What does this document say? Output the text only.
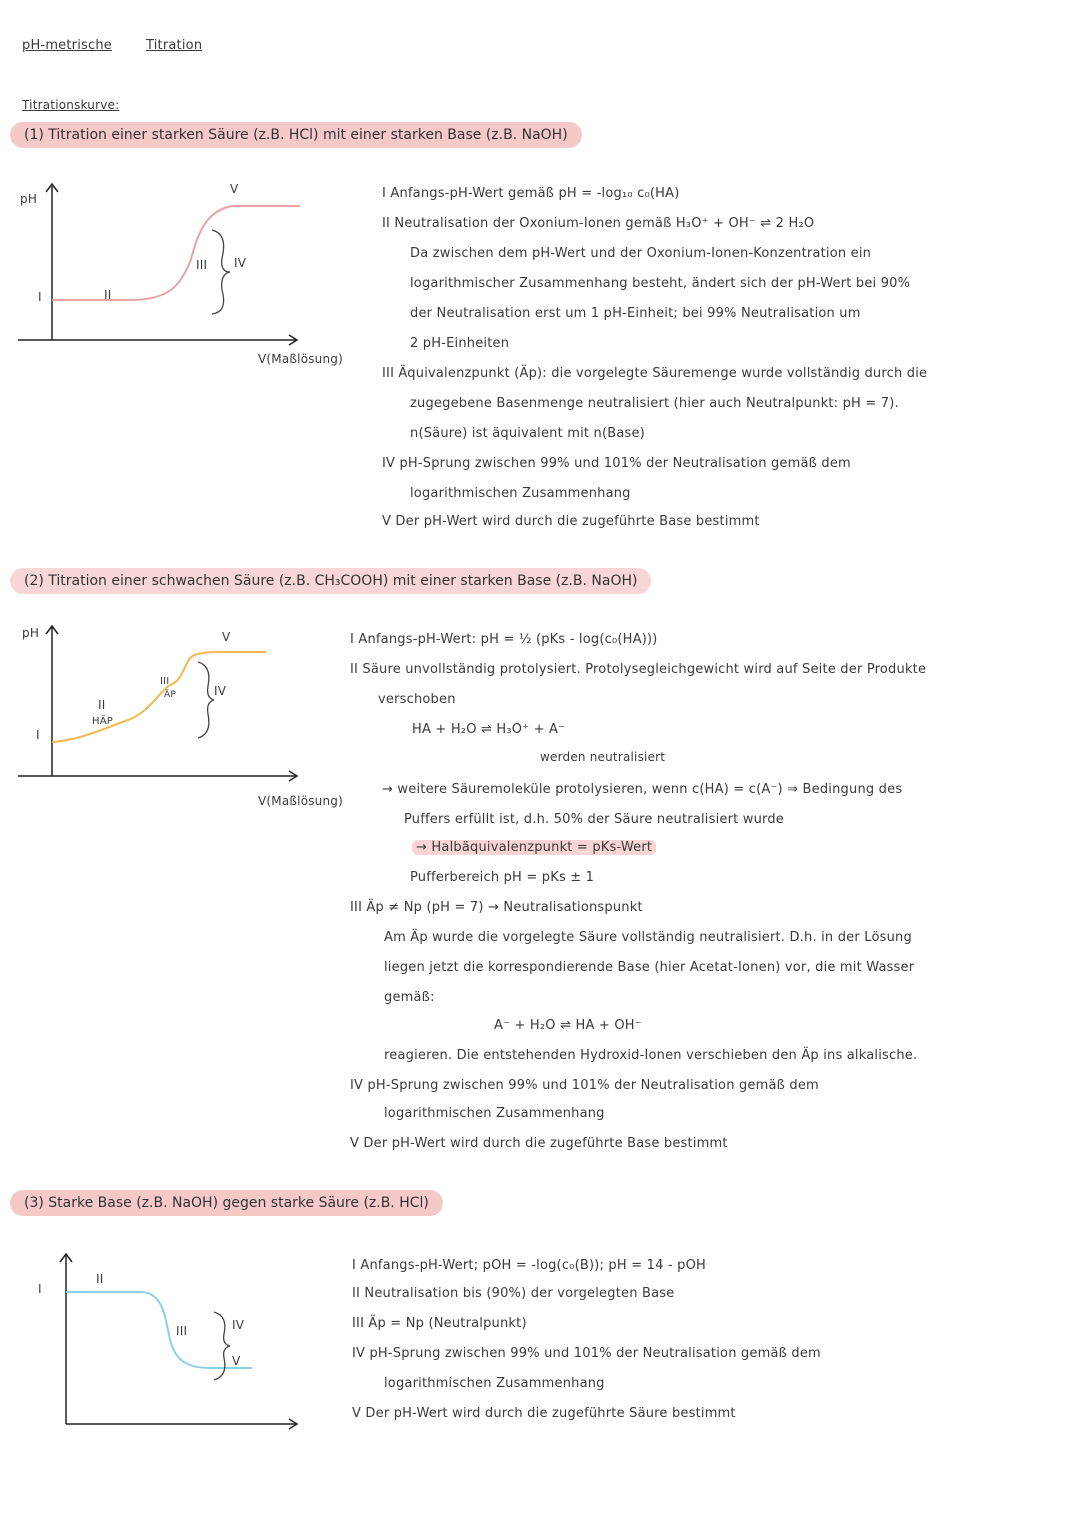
pH-metrische	Titration
Titrationskurve:
(1) Titration einer starken Säure (z.B. HCl) mit einer starken Base (z.B. NaOH)
pH
V(Maßlösung)
I	II
III IV
V	I Anfangs-pH-Wert gemäß pH = -log₁₀ c₀(HA)
II Neutralisation der Oxonium-Ionen gemäß H₃O⁺ + OH⁻ ⇌ 2 H₂O
Da zwischen dem pH-Wert und der Oxonium-Ionen-Konzentration ein
logarithmischer Zusammenhang besteht, ändert sich der pH-Wert bei 90%
der Neutralisation erst um 1 pH-Einheit; bei 99% Neutralisation um
2 pH-Einheiten
III Äquivalenzpunkt (Äp): die vorgelegte Säuremenge wurde vollständig durch die
zugegebene Basenmenge neutralisiert (hier auch Neutralpunkt: pH = 7).
n(Säure) ist äquivalent mit n(Base)
IV pH-Sprung zwischen 99% und 101% der Neutralisation gemäß dem
logarithmischen Zusammenhang
V Der pH-Wert wird durch die zugeführte Base bestimmt
(2) Titration einer schwachen Säure (z.B. CH₃COOH) mit einer starken Base (z.B. NaOH)
pH
V(Maßlösung)
I
II
HÄP
III
ÄP	IV
V	I Anfangs-pH-Wert: pH = ½ (pKs - log(c₀(HA)))
II Säure unvollständig protolysiert. Protolysegleichgewicht wird auf Seite der Produkte
verschoben
HA + H₂O ⇌ H₃O⁺ + A⁻
werden neutralisiert
→ weitere Säuremoleküle protolysieren, wenn c(HA) = c(A⁻) ⇒ Bedingung des
Puffers erfüllt ist, d.h. 50% der Säure neutralisiert wurde
→ Halbäquivalenzpunkt = pKs-Wert
Pufferbereich pH = pKs ± 1
III Äp ≠ Np (pH = 7) → Neutralisationspunkt
Am Äp wurde die vorgelegte Säure vollständig neutralisiert. D.h. in der Lösung
liegen jetzt die korrespondierende Base (hier Acetat-Ionen) vor, die mit Wasser
gemäß:
A⁻ + H₂O ⇌ HA + OH⁻
reagieren. Die entstehenden Hydroxid-Ionen verschieben den Äp ins alkalische.
IV pH-Sprung zwischen 99% und 101% der Neutralisation gemäß dem
logarithmischen Zusammenhang
V Der pH-Wert wird durch die zugeführte Base bestimmt
(3) Starke Base (z.B. NaOH) gegen starke Säure (z.B. HCl)
I
II
III	IV
V
I Anfangs-pH-Wert; pOH = -log(c₀(B)); pH = 14 - pOH
II Neutralisation bis (90%) der vorgelegten Base
III Äp = Np (Neutralpunkt)
IV pH-Sprung zwischen 99% und 101% der Neutralisation gemäß dem
logarithmischen Zusammenhang
V Der pH-Wert wird durch die zugeführte Säure bestimmt
